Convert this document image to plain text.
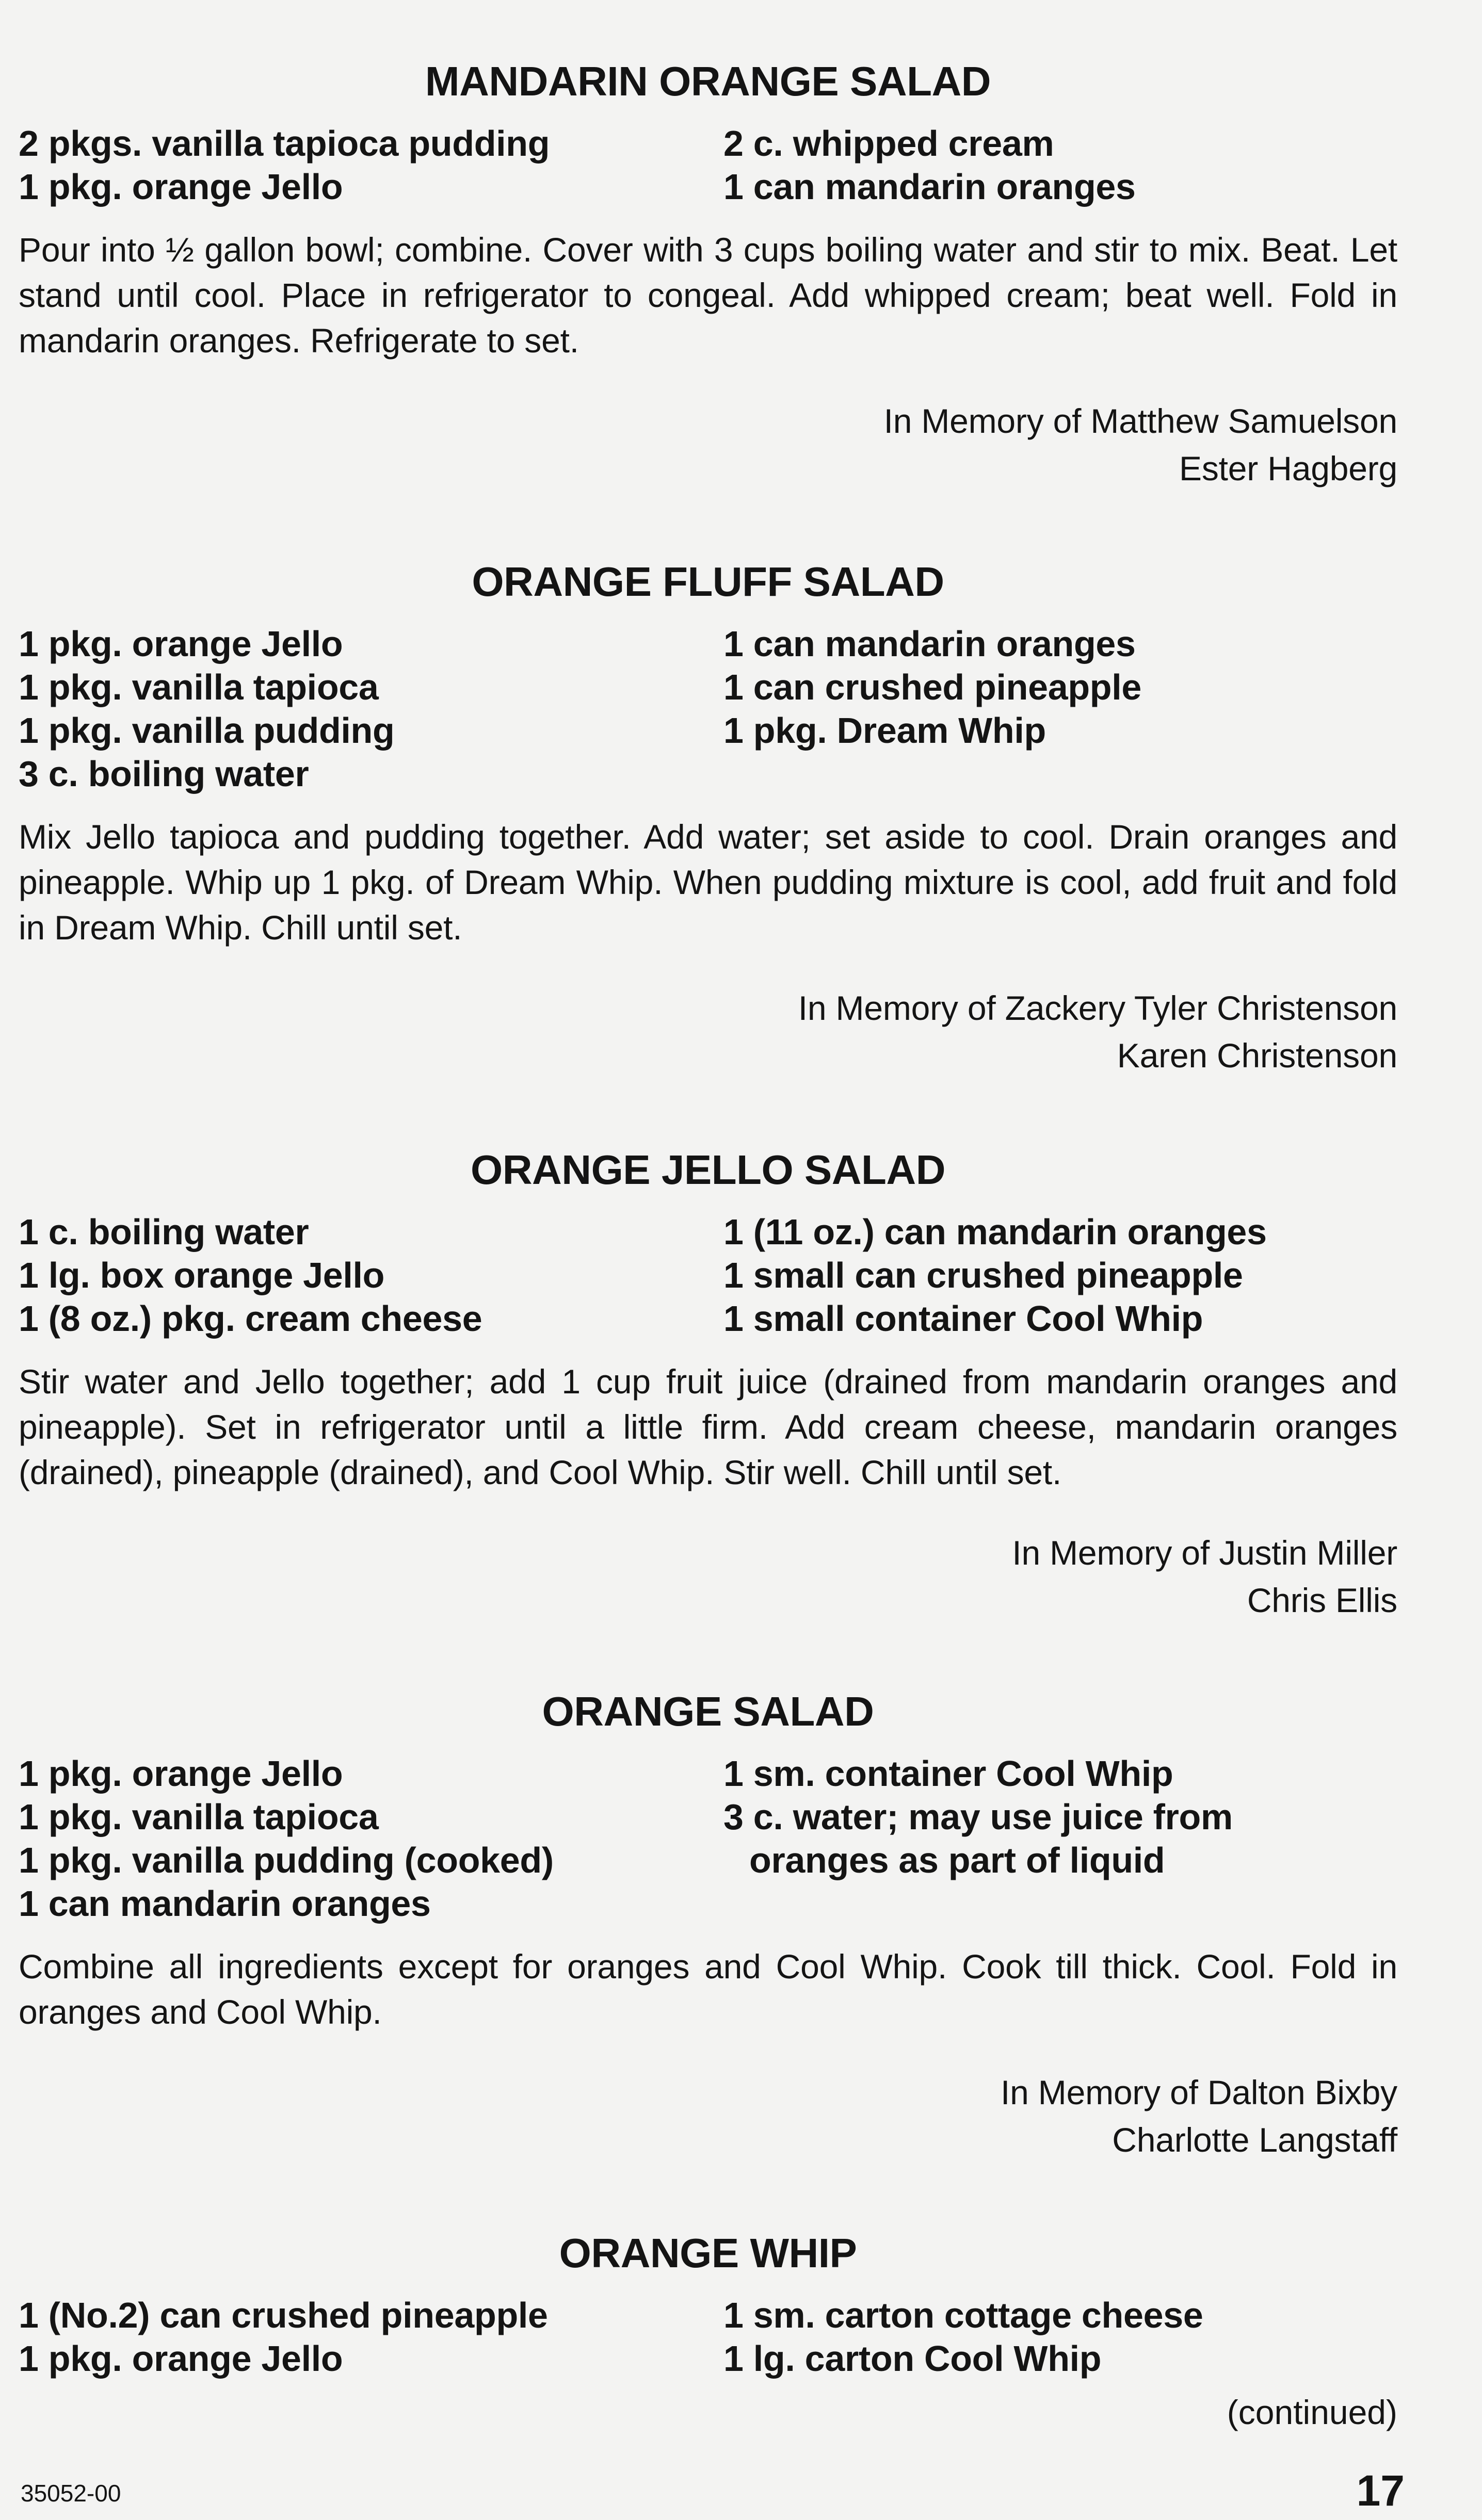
MANDARIN ORANGE SALAD
2 pkgs. vanilla tapioca pudding
1 pkg. orange Jello
2 c. whipped cream
1 can mandarin oranges

Pour into ½ gallon bowl; combine. Cover with 3 cups boiling water and stir to mix. Beat. Let stand until cool. Place in refrigerator to congeal. Add whipped cream; beat well. Fold in mandarin oranges. Refrigerate to set.

In Memory of Matthew Samuelson
Ester Hagberg
ORANGE FLUFF SALAD
1 pkg. orange Jello
1 pkg. vanilla tapioca
1 pkg. vanilla pudding
3 c. boiling water
1 can mandarin oranges
1 can crushed pineapple
1 pkg. Dream Whip

Mix Jello tapioca and pudding together. Add water; set aside to cool. Drain oranges and pineapple. Whip up 1 pkg. of Dream Whip. When pudding mixture is cool, add fruit and fold in Dream Whip. Chill until set.

In Memory of Zackery Tyler Christenson
Karen Christenson
ORANGE JELLO SALAD
1 c. boiling water
1 lg. box orange Jello
1 (8 oz.) pkg. cream cheese
1 (11 oz.) can mandarin oranges
1 small can crushed pineapple
1 small container Cool Whip

Stir water and Jello together; add 1 cup fruit juice (drained from mandarin oranges and pineapple). Set in refrigerator until a little firm. Add cream cheese, mandarin oranges (drained), pineapple (drained), and Cool Whip. Stir well. Chill until set.

In Memory of Justin Miller
Chris Ellis
ORANGE SALAD
1 pkg. orange Jello
1 pkg. vanilla tapioca
1 pkg. vanilla pudding (cooked)
1 can mandarin oranges
1 sm. container Cool Whip
3 c. water; may use juice from
oranges as part of liquid

Combine all ingredients except for oranges and Cool Whip. Cook till thick. Cool. Fold in oranges and Cool Whip.

In Memory of Dalton Bixby
Charlotte Langstaff
ORANGE WHIP
1 (No.2) can crushed pineapple
1 pkg. orange Jello
1 sm. carton cottage cheese
1 lg. carton Cool Whip
(continued)
35052-00	17
